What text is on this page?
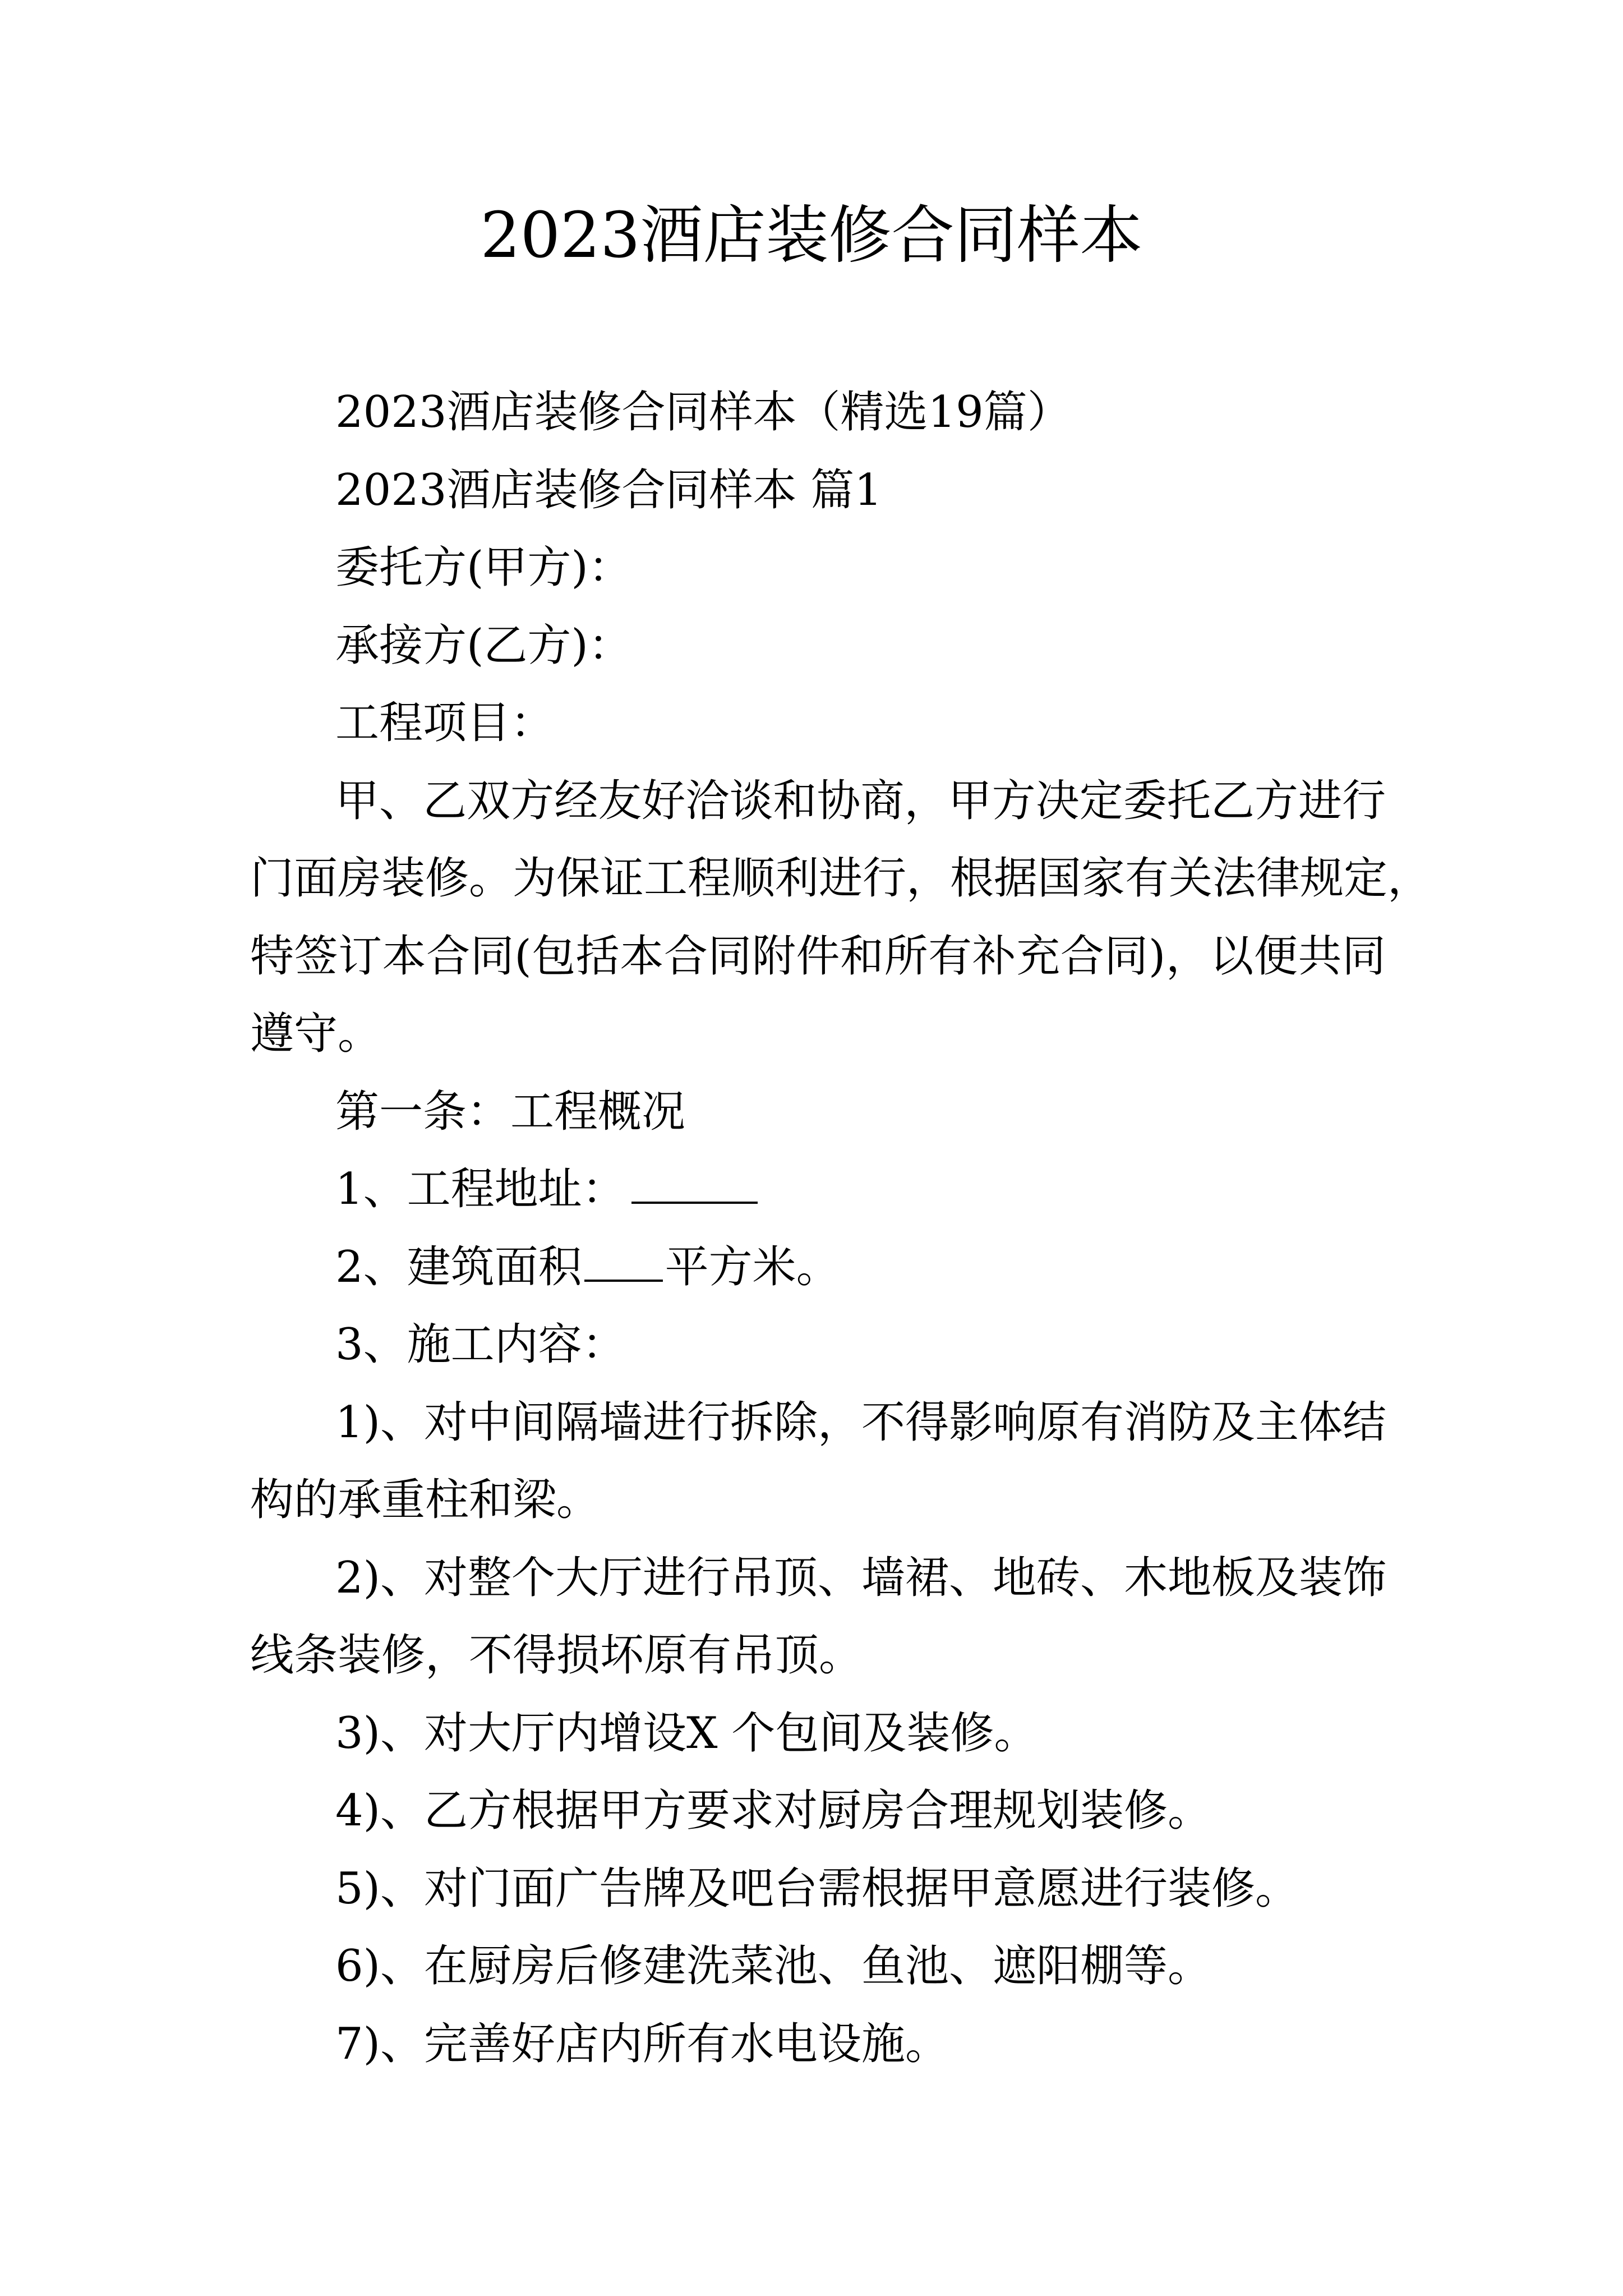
2023酒店装修合同样本
2023酒店装修合同样本（精选19篇）
2023酒店装修合同样本 篇1
委托方(甲方)：
承接方(乙方)：
工程项目：
甲、乙双方经友好洽谈和协商，甲方决定委托乙方进行
门面房装修。为保证工程顺利进行，根据国家有关法律规定，
特签订本合同(包括本合同附件和所有补充合同)，以便共同
遵守。
第一条：工程概况
1、工程地址：
2、建筑面积 平方米。
3、施工内容：
1)、对中间隔墙进行拆除，不得影响原有消防及主体结
构的承重柱和梁。
2)、对整个大厅进行吊顶、墙裙、地砖、木地板及装饰
线条装修，不得损坏原有吊顶。
3)、对大厅内增设X 个包间及装修。
4)、乙方根据甲方要求对厨房合理规划装修。
5)、对门面广告牌及吧台需根据甲意愿进行装修。
6)、在厨房后修建洗菜池、鱼池、遮阳棚等。
7)、完善好店内所有水电设施。
